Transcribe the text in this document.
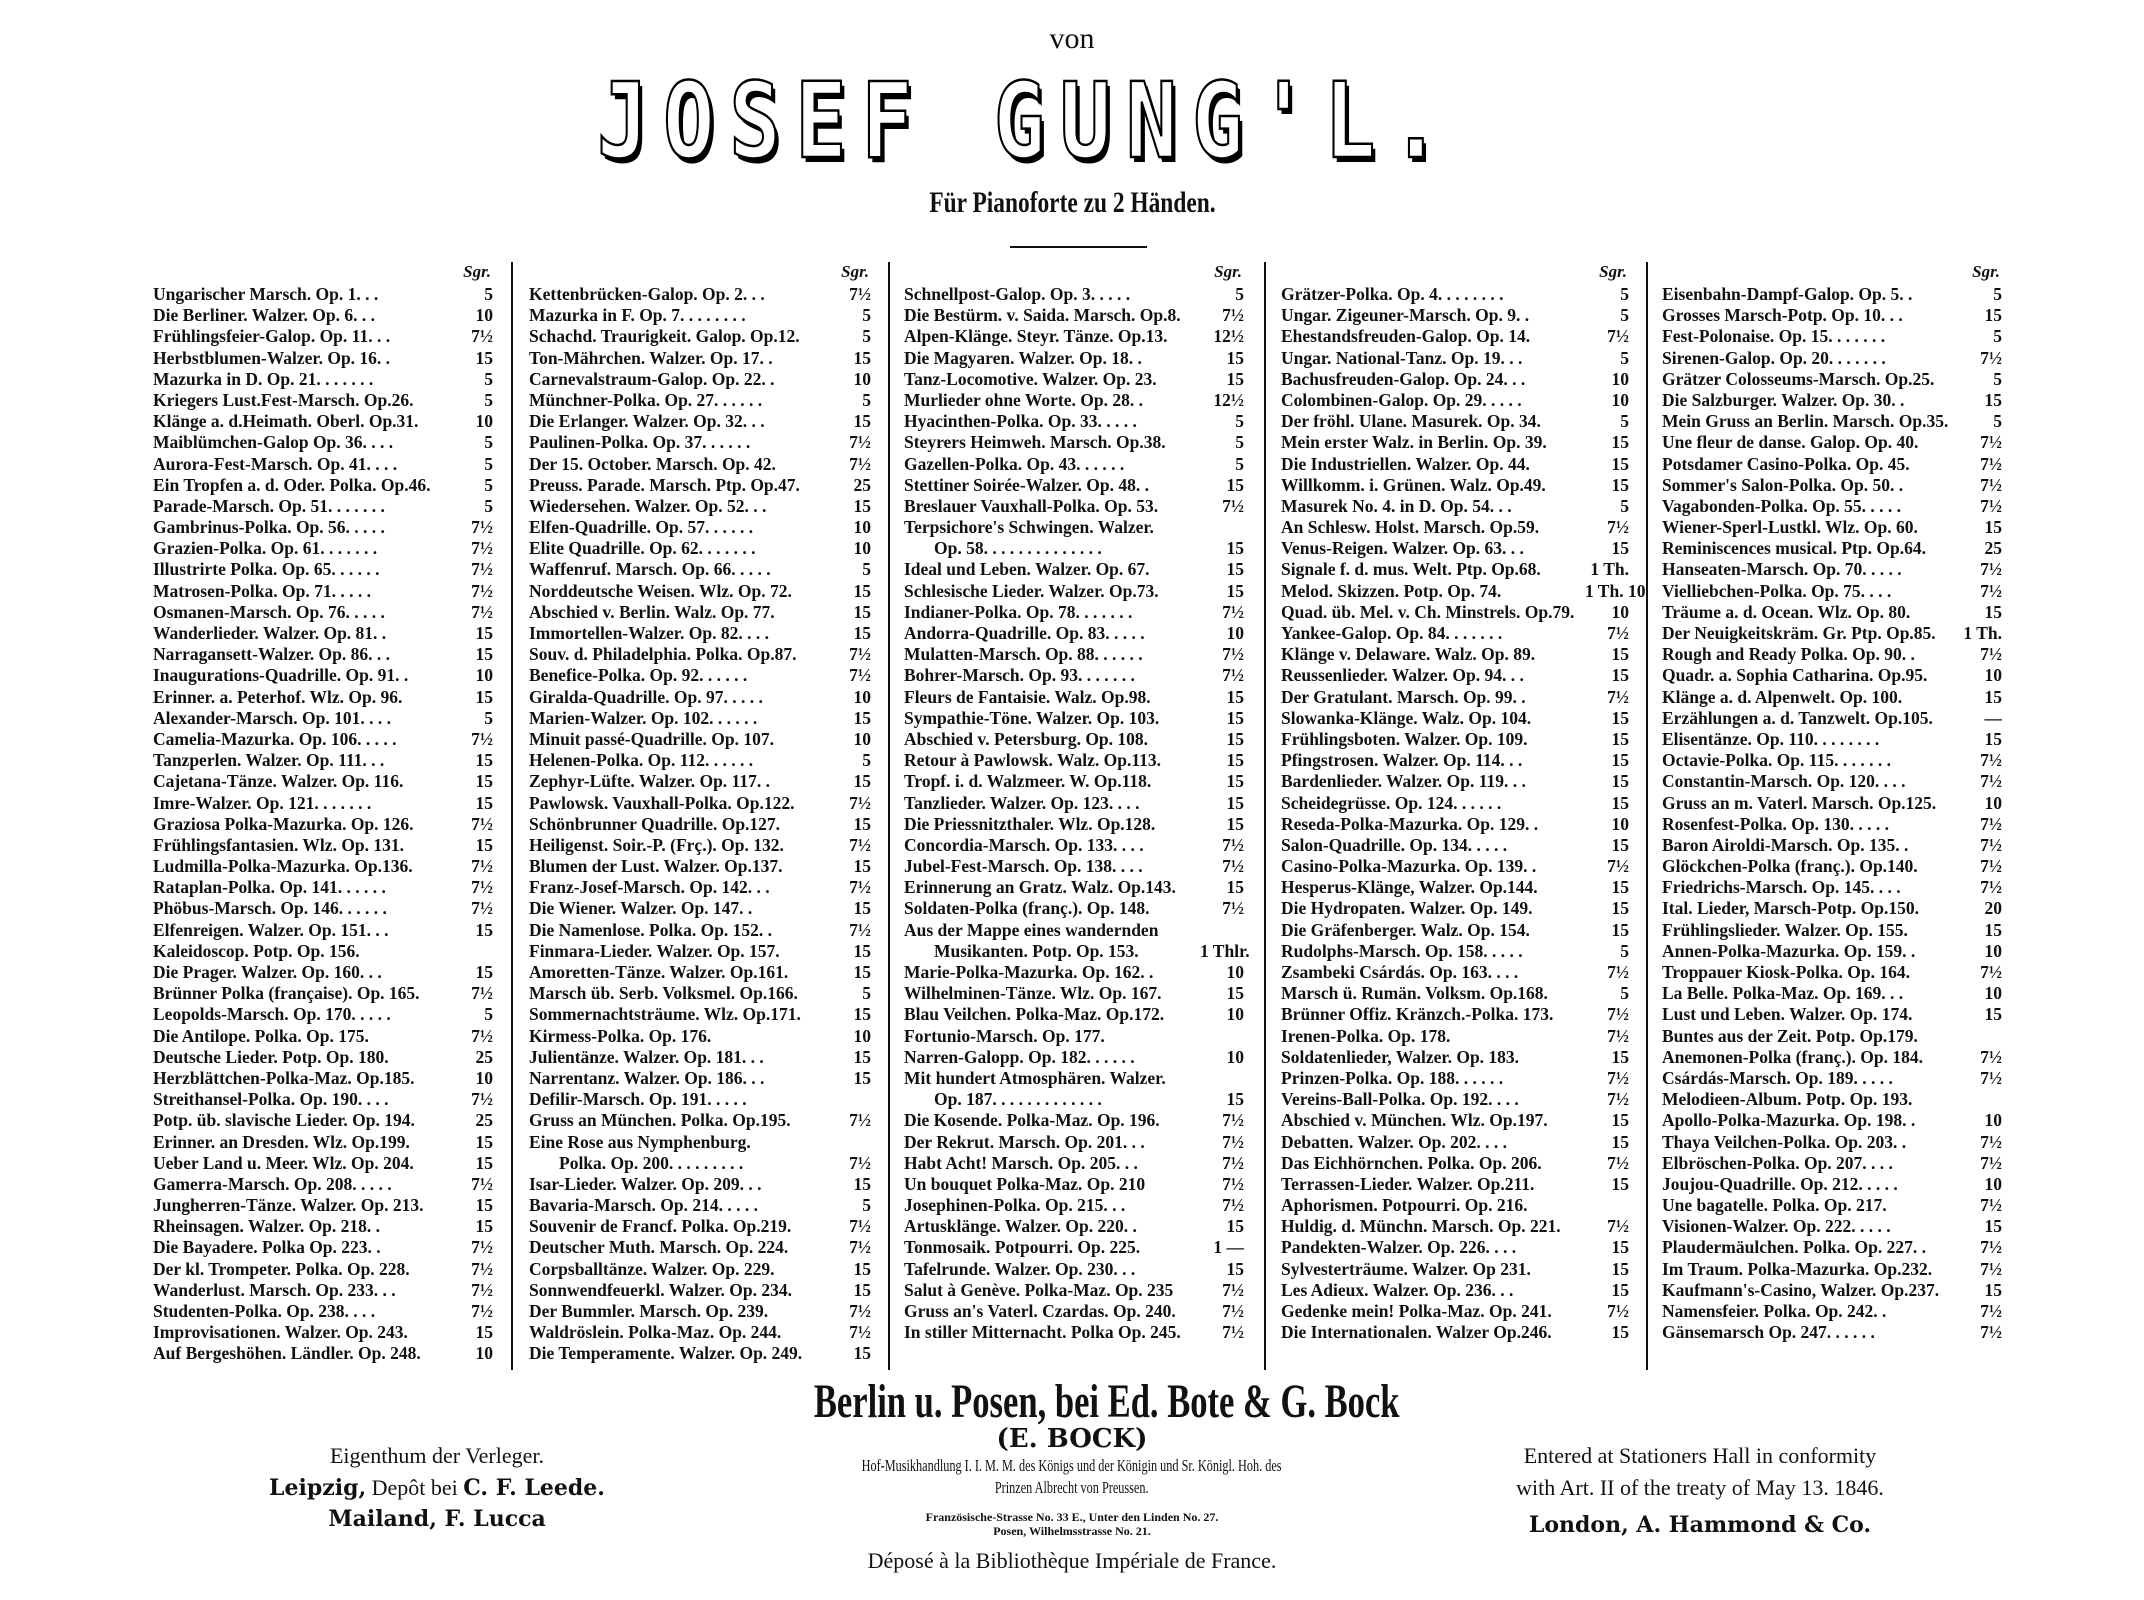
von
JOSEF GUNG'L.
Für Pianoforte zu 2 Händen.
Sgr.
Ungarischer Marsch. Op. 1. . .	5
Die Berliner. Walzer. Op. 6. . .	10
Frühlingsfeier-Galop. Op. 11. . .	7½
Herbstblumen-Walzer. Op. 16. .	15
Mazurka in D. Op. 21. . . . . . .	5
Kriegers Lust.Fest-Marsch. Op.26.	5
Klänge a. d.Heimath. Oberl. Op.31.	10
Maiblümchen-Galop Op. 36. . . .	5
Aurora-Fest-Marsch. Op. 41. . . .	5
Ein Tropfen a. d. Oder. Polka. Op.46.	5
Parade-Marsch. Op. 51. . . . . . .	5
Gambrinus-Polka. Op. 56. . . . .	7½
Grazien-Polka. Op. 61. . . . . . .	7½
Illustrirte Polka. Op. 65. . . . . .	7½
Matrosen-Polka. Op. 71. . . . .	7½
Osmanen-Marsch. Op. 76. . . . .	7½
Wanderlieder. Walzer. Op. 81. .	15
Narragansett-Walzer. Op. 86. . .	15
Inaugurations-Quadrille. Op. 91. .	10
Erinner. a. Peterhof. Wlz. Op. 96.	15
Alexander-Marsch. Op. 101. . . .	5
Camelia-Mazurka. Op. 106. . . . .	7½
Tanzperlen. Walzer. Op. 111. . .	15
Cajetana-Tänze. Walzer. Op. 116.	15
Imre-Walzer. Op. 121. . . . . . .	15
Graziosa Polka-Mazurka. Op. 126.	7½
Frühlingsfantasien. Wlz. Op. 131.	15
Ludmilla-Polka-Mazurka. Op.136.	7½
Rataplan-Polka. Op. 141. . . . . .	7½
Phöbus-Marsch. Op. 146. . . . . .	7½
Elfenreigen. Walzer. Op. 151. . .	15
Kaleidoscop. Potp. Op. 156.
Die Prager. Walzer. Op. 160. . .	15
Brünner Polka (française). Op. 165.	7½
Leopolds-Marsch. Op. 170. . . . .	5
Die Antilope. Polka. Op. 175.	7½
Deutsche Lieder. Potp. Op. 180.	25
Herzblättchen-Polka-Maz. Op.185.	10
Streithansel-Polka. Op. 190. . . .	7½
Potp. üb. slavische Lieder. Op. 194.	25
Erinner. an Dresden. Wlz. Op.199.	15
Ueber Land u. Meer. Wlz. Op. 204.	15
Gamerra-Marsch. Op. 208. . . . .	7½
Jungherren-Tänze. Walzer. Op. 213.	15
Rheinsagen. Walzer. Op. 218. .	15
Die Bayadere. Polka Op. 223. .	7½
Der kl. Trompeter. Polka. Op. 228.	7½
Wanderlust. Marsch. Op. 233. . .	7½
Studenten-Polka. Op. 238. . . .	7½
Improvisationen. Walzer. Op. 243.	15
Auf Bergeshöhen. Ländler. Op. 248.	10
Sgr.
Kettenbrücken-Galop. Op. 2. . .	7½
Mazurka in F. Op. 7. . . . . . . .	5
Schachd. Traurigkeit. Galop. Op.12.	5
Ton-Mährchen. Walzer. Op. 17. .	15
Carnevalstraum-Galop. Op. 22. .	10
Münchner-Polka. Op. 27. . . . . .	5
Die Erlanger. Walzer. Op. 32. . .	15
Paulinen-Polka. Op. 37. . . . . .	7½
Der 15. October. Marsch. Op. 42.	7½
Preuss. Parade. Marsch. Ptp. Op.47.	25
Wiedersehen. Walzer. Op. 52. . .	15
Elfen-Quadrille. Op. 57. . . . . .	10
Elite Quadrille. Op. 62. . . . . . .	10
Waffenruf. Marsch. Op. 66. . . . .	5
Norddeutsche Weisen. Wlz. Op. 72.	15
Abschied v. Berlin. Walz. Op. 77.	15
Immortellen-Walzer. Op. 82. . . .	15
Souv. d. Philadelphia. Polka. Op.87.	7½
Benefice-Polka. Op. 92. . . . . .	7½
Giralda-Quadrille. Op. 97. . . . .	10
Marien-Walzer. Op. 102. . . . . .	15
Minuit passé-Quadrille. Op. 107.	10
Helenen-Polka. Op. 112. . . . . .	5
Zephyr-Lüfte. Walzer. Op. 117. .	15
Pawlowsk. Vauxhall-Polka. Op.122.	7½
Schönbrunner Quadrille. Op.127.	15
Heiligenst. Soir.-P. (Frç.). Op. 132.	7½
Blumen der Lust. Walzer. Op.137.	15
Franz-Josef-Marsch. Op. 142. . .	7½
Die Wiener. Walzer. Op. 147. .	15
Die Namenlose. Polka. Op. 152. .	7½
Finmara-Lieder. Walzer. Op. 157.	15
Amoretten-Tänze. Walzer. Op.161.	15
Marsch üb. Serb. Volksmel. Op.166.	5
Sommernachtsträume. Wlz. Op.171.	15
Kirmess-Polka. Op. 176.	10
Julientänze. Walzer. Op. 181. . .	15
Narrentanz. Walzer. Op. 186. . .	15
Defilir-Marsch. Op. 191. . . . .
Gruss an München. Polka. Op.195.	7½
Eine Rose aus Nymphenburg.
Polka. Op. 200. . . . . . . . .	7½
Isar-Lieder. Walzer. Op. 209. . .	15
Bavaria-Marsch. Op. 214. . . . .	5
Souvenir de Francf. Polka. Op.219.	7½
Deutscher Muth. Marsch. Op. 224.	7½
Corpsballtänze. Walzer. Op. 229.	15
Sonnwendfeuerkl. Walzer. Op. 234.	15
Der Bummler. Marsch. Op. 239.	7½
Waldröslein. Polka-Maz. Op. 244.	7½
Die Temperamente. Walzer. Op. 249.	15
Sgr.
Schnellpost-Galop. Op. 3. . . . .	5
Die Bestürm. v. Saida. Marsch. Op.8.	7½
Alpen-Klänge. Steyr. Tänze. Op.13.	12½
Die Magyaren. Walzer. Op. 18. .	15
Tanz-Locomotive. Walzer. Op. 23.	15
Murlieder ohne Worte. Op. 28. .	12½
Hyacinthen-Polka. Op. 33. . . . .	5
Steyrers Heimweh. Marsch. Op.38.	5
Gazellen-Polka. Op. 43. . . . . .	5
Stettiner Soirée-Walzer. Op. 48. .	15
Breslauer Vauxhall-Polka. Op. 53.	7½
Terpsichore's Schwingen. Walzer.
Op. 58. . . . . . . . . . . . . .	15
Ideal und Leben. Walzer. Op. 67.	15
Schlesische Lieder. Walzer. Op.73.	15
Indianer-Polka. Op. 78. . . . . . .	7½
Andorra-Quadrille. Op. 83. . . . .	10
Mulatten-Marsch. Op. 88. . . . . .	7½
Bohrer-Marsch. Op. 93. . . . . . .	7½
Fleurs de Fantaisie. Walz. Op.98.	15
Sympathie-Töne. Walzer. Op. 103.	15
Abschied v. Petersburg. Op. 108.	15
Retour à Pawlowsk. Walz. Op.113.	15
Tropf. i. d. Walzmeer. W. Op.118.	15
Tanzlieder. Walzer. Op. 123. . . .	15
Die Priessnitzthaler. Wlz. Op.128.	15
Concordia-Marsch. Op. 133. . . .	7½
Jubel-Fest-Marsch. Op. 138. . . .	7½
Erinnerung an Gratz. Walz. Op.143.	15
Soldaten-Polka (franç.). Op. 148.	7½
Aus der Mappe eines wandernden
Musikanten. Potp. Op. 153.	1 Thlr.
Marie-Polka-Mazurka. Op. 162. .	10
Wilhelminen-Tänze. Wlz. Op. 167.	15
Blau Veilchen. Polka-Maz. Op.172.	10
Fortunio-Marsch. Op. 177.
Narren-Galopp. Op. 182. . . . . .	10
Mit hundert Atmosphären. Walzer.
Op. 187. . . . . . . . . . . . .	15
Die Kosende. Polka-Maz. Op. 196.	7½
Der Rekrut. Marsch. Op. 201. . .	7½
Habt Acht! Marsch. Op. 205. . .	7½
Un bouquet Polka-Maz. Op. 210	7½
Josephinen-Polka. Op. 215. . .	7½
Artusklänge. Walzer. Op. 220. .	15
Tonmosaik. Potpourri. Op. 225.	1 —
Tafelrunde. Walzer. Op. 230. . .	15
Salut à Genève. Polka-Maz. Op. 235	7½
Gruss an's Vaterl. Czardas. Op. 240.	7½
In stiller Mitternacht. Polka Op. 245.	7½
Sgr.
Grätzer-Polka. Op. 4. . . . . . . .	5
Ungar. Zigeuner-Marsch. Op. 9. .	5
Ehestandsfreuden-Galop. Op. 14.	7½
Ungar. National-Tanz. Op. 19. . .	5
Bachusfreuden-Galop. Op. 24. . .	10
Colombinen-Galop. Op. 29. . . . .	10
Der fröhl. Ulane. Masurek. Op. 34.	5
Mein erster Walz. in Berlin. Op. 39.	15
Die Industriellen. Walzer. Op. 44.	15
Willkomm. i. Grünen. Walz. Op.49.	15
Masurek No. 4. in D. Op. 54. . .	5
An Schlesw. Holst. Marsch. Op.59.	7½
Venus-Reigen. Walzer. Op. 63. . .	15
Signale f. d. mus. Welt. Ptp. Op.68.	1 Th.
Melod. Skizzen. Potp. Op. 74.	1 Th. 10
Quad. üb. Mel. v. Ch. Minstrels. Op.79.	10
Yankee-Galop. Op. 84. . . . . . .	7½
Klänge v. Delaware. Walz. Op. 89.	15
Reussenlieder. Walzer. Op. 94. . .	15
Der Gratulant. Marsch. Op. 99. .	7½
Slowanka-Klänge. Walz. Op. 104.	15
Frühlingsboten. Walzer. Op. 109.	15
Pfingstrosen. Walzer. Op. 114. . .	15
Bardenlieder. Walzer. Op. 119. . .	15
Scheidegrüsse. Op. 124. . . . . .	15
Reseda-Polka-Mazurka. Op. 129. .	10
Salon-Quadrille. Op. 134. . . . .	15
Casino-Polka-Mazurka. Op. 139. .	7½
Hesperus-Klänge, Walzer. Op.144.	15
Die Hydropaten. Walzer. Op. 149.	15
Die Gräfenberger. Walz. Op. 154.	15
Rudolphs-Marsch. Op. 158. . . . .	5
Zsambeki Csárdás. Op. 163. . . .	7½
Marsch ü. Rumän. Volksm. Op.168.	5
Brünner Offiz. Kränzch.-Polka. 173.	7½
Irenen-Polka. Op. 178.	7½
Soldatenlieder, Walzer. Op. 183.	15
Prinzen-Polka. Op. 188. . . . . .	7½
Vereins-Ball-Polka. Op. 192. . . .	7½
Abschied v. München. Wlz. Op.197.	15
Debatten. Walzer. Op. 202. . . .	15
Das Eichhörnchen. Polka. Op. 206.	7½
Terrassen-Lieder. Walzer. Op.211.	15
Aphorismen. Potpourri. Op. 216.
Huldig. d. Münchn. Marsch. Op. 221.	7½
Pandekten-Walzer. Op. 226. . . .	15
Sylvesterträume. Walzer. Op 231.	15
Les Adieux. Walzer. Op. 236. . .	15
Gedenke mein! Polka-Maz. Op. 241.	7½
Die Internationalen. Walzer Op.246.	15
Sgr.
Eisenbahn-Dampf-Galop. Op. 5. .	5
Grosses Marsch-Potp. Op. 10. . .	15
Fest-Polonaise. Op. 15. . . . . . .	5
Sirenen-Galop. Op. 20. . . . . . .	7½
Grätzer Colosseums-Marsch. Op.25.	5
Die Salzburger. Walzer. Op. 30. .	15
Mein Gruss an Berlin. Marsch. Op.35.	5
Une fleur de danse. Galop. Op. 40.	7½
Potsdamer Casino-Polka. Op. 45.	7½
Sommer's Salon-Polka. Op. 50. .	7½
Vagabonden-Polka. Op. 55. . . . .	7½
Wiener-Sperl-Lustkl. Wlz. Op. 60.	15
Reminiscences musical. Ptp. Op.64.	25
Hanseaten-Marsch. Op. 70. . . . .	7½
Vielliebchen-Polka. Op. 75. . . .	7½
Träume a. d. Ocean. Wlz. Op. 80.	15
Der Neuigkeitskräm. Gr. Ptp. Op.85.	1 Th.
Rough and Ready Polka. Op. 90. .	7½
Quadr. a. Sophia Catharina. Op.95.	10
Klänge a. d. Alpenwelt. Op. 100.	15
Erzählungen a. d. Tanzwelt. Op.105.	—
Elisentänze. Op. 110. . . . . . . .	15
Octavie-Polka. Op. 115. . . . . . .	7½
Constantin-Marsch. Op. 120. . . .	7½
Gruss an m. Vaterl. Marsch. Op.125.	10
Rosenfest-Polka. Op. 130. . . . .	7½
Baron Airoldi-Marsch. Op. 135. .	7½
Glöckchen-Polka (franç.). Op.140.	7½
Friedrichs-Marsch. Op. 145. . . .	7½
Ital. Lieder, Marsch-Potp. Op.150.	20
Frühlingslieder. Walzer. Op. 155.	15
Annen-Polka-Mazurka. Op. 159. .	10
Troppauer Kiosk-Polka. Op. 164.	7½
La Belle. Polka-Maz. Op. 169. . .	10
Lust und Leben. Walzer. Op. 174.	15
Buntes aus der Zeit. Potp. Op.179.
Anemonen-Polka (franç.). Op. 184.	7½
Csárdás-Marsch. Op. 189. . . . .	7½
Melodieen-Album. Potp. Op. 193.
Apollo-Polka-Mazurka. Op. 198. .	10
Thaya Veilchen-Polka. Op. 203. .	7½
Elbröschen-Polka. Op. 207. . . .	7½
Joujou-Quadrille. Op. 212. . . . .	10
Une bagatelle. Polka. Op. 217.	7½
Visionen-Walzer. Op. 222. . . . .	15
Plaudermäulchen. Polka. Op. 227. .	7½
Im Traum. Polka-Mazurka. Op.232.	7½
Kaufmann's-Casino, Walzer. Op.237.	15
Namensfeier. Polka. Op. 242. .	7½
Gänsemarsch Op. 247. . . . . .	7½
Berlin u. Posen, bei Ed. Bote & G. Bock
(E. BOCK)
Hof-Musikhandlung I. I. M. M. des Königs und der Königin und Sr. Königl. Hoh. des
Prinzen Albrecht von Preussen.
Französische-Strasse No. 33 E., Unter den Linden No. 27.
Posen, Wilhelmsstrasse No. 21.
Déposé à la Bibliothèque Impériale de France.
Eigenthum der Verleger.
Leipzig, Depôt bei C. F. Leede.
Mailand, F. Lucca
Entered at Stationers Hall in conformity
with Art. II of the treaty of May 13. 1846.
London, A. Hammond & Co.
